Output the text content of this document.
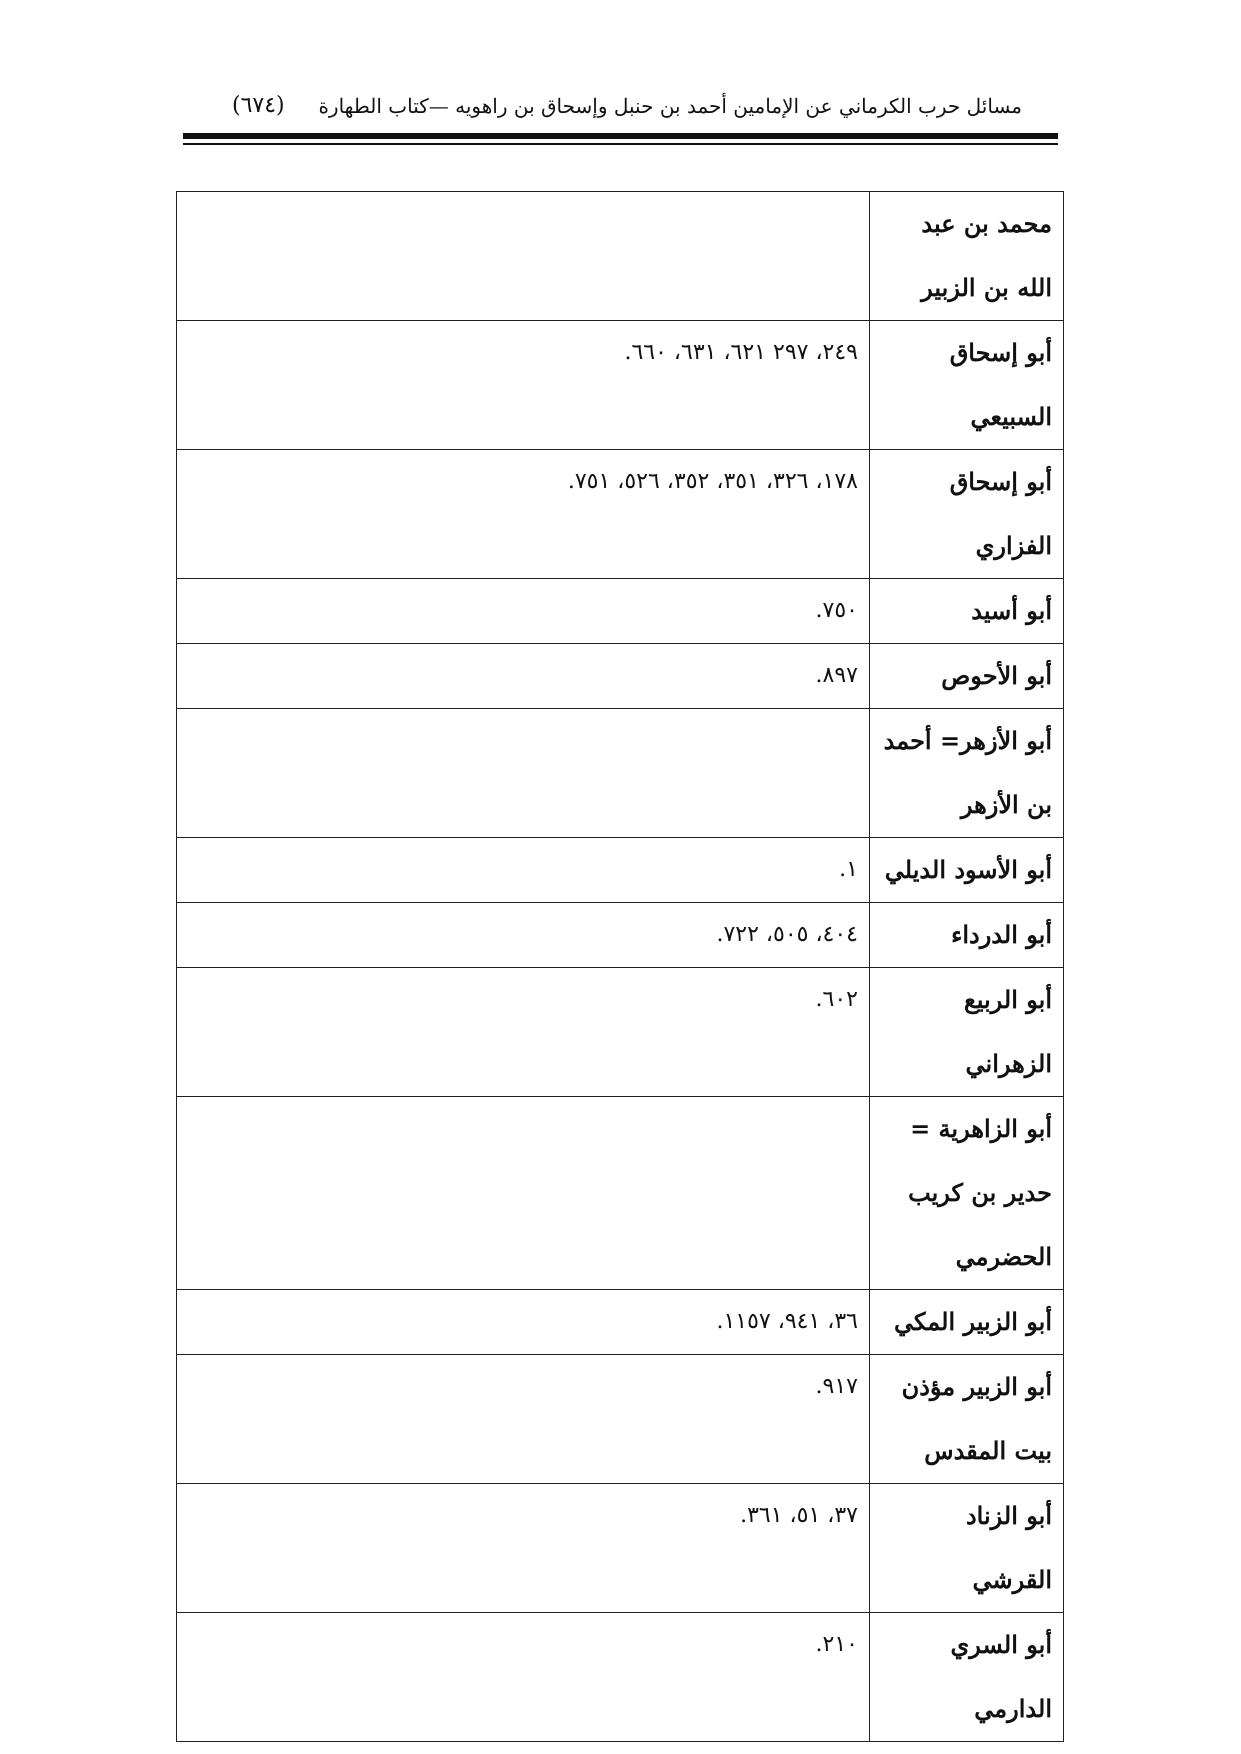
مسائل حرب الكرماني عن الإمامين أحمد بن حنبل وإسحاق بن راهويه —كتاب الطهارة
(٦٧٤)
محمد بن عبد الله بن الزبير	
أبو إسحاق السبيعي	٢٤٩، ٢٩٧ ٦٢١، ٦٣١، ٦٦٠.
أبو إسحاق الفزاري	١٧٨، ٣٢٦، ٣٥١، ٣٥٢، ٥٢٦، ٧٥١.
أبو أسيد	٧٥٠.
أبو الأحوص	٨٩٧.
أبو الأزهر= أحمد بن الأزهر	
أبو الأسود الديلي	١.
أبو الدرداء	٤٠٤، ٥٠٥، ٧٢٢.
أبو الربيع الزهراني	٦٠٢.
أبو الزاهرية = حدير بن كريب الحضرمي	
أبو الزبير المكي	٣٦، ٩٤١، ١١٥٧.
أبو الزبير مؤذن بيت المقدس	٩١٧.
أبو الزناد القرشي	٣٧، ٥١، ٣٦١.
أبو السري الدارمي	٢١٠.
